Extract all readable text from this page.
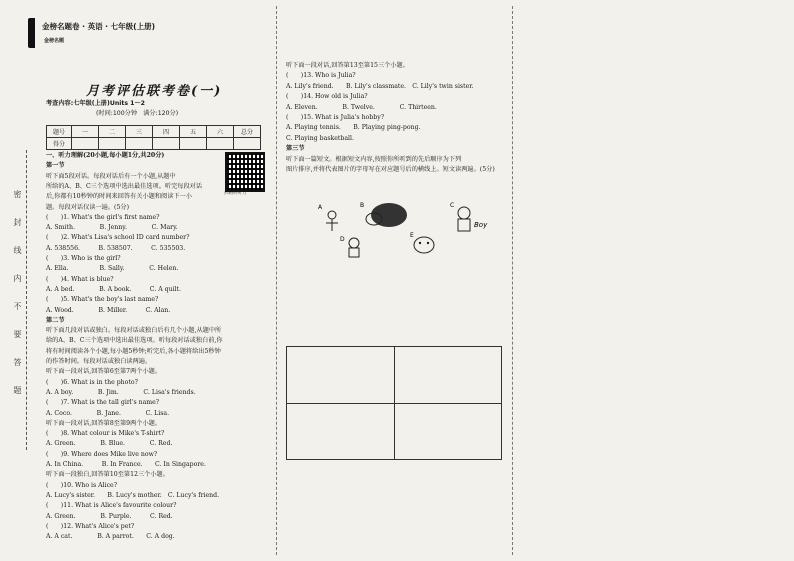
密　封　线　内　不　要　答　题
金榜名题卷 · 英语 · 七年级(上册)
金榜名题
月考评估联考卷(一)
考查内容:七年级(上册)Units 1～2
(时间:100分钟　满分:120分)
题号	一	二	三	四	五	六	总分
得分							
扫码听听力
一、听力理解(20小题,每小题1分,共20分)
第一节
听下面5段对话。每段对话后有一个小题,从题中
所给的A、B、C三个选项中选出最佳选项。听完每段对话
后,你都有10秒钟的时间来回答有关小题和阅读下一小
题。每段对话仅读一遍。(5分)
(　　)1. What's the girl's first name?
A. Smith.　　　　B. Jenny.　　　　C. Mary.
(　　)2. What's Lisa's school ID card number?
A. 538556.　　　B. 538507.　　　C. 535503.
(　　)3. Who is the girl?
A. Ella.　　　　　B. Sally.　　　　C. Helen.
(　　)4. What is blue?
A. A bed.　　　　B. A book.　　　C. A quilt.
(　　)5. What's the boy's last name?
A. Wood.　　　　B. Miller.　　　C. Alan.
第二节
听下面几段对话或独白。每段对话或独白后有几个小题,从题中所
给的A、B、C三个选项中选出最佳选项。听每段对话或独白前,你
将有时间阅读各个小题,每小题5秒钟;听完后,各小题将给出5秒钟
的作答时间。每段对话或独白读两遍。
听下面一段对话,回答第6至第7两个小题。
(　　)6. What is in the photo?
A. A boy.　　　　B. Jim.　　　　C. Lisa's friends.
(　　)7. What is the tall girl's name?
A. Coco.　　　　B. Jane.　　　　C. Lisa.
听下面一段对话,回答第8至第9两个小题。
(　　)8. What colour is Mike's T-shirt?
A. Green.　　　　B. Blue.　　　　C. Red.
(　　)9. Where does Mike live now?
A. In China.　　　B. In France.　　C. In Singapore.
听下面一段独白,回答第10至第12三个小题。
(　　)10. Who is Alice?
A. Lucy's sister.　　B. Lucy's mother.　C. Lucy's friend.
(　　)11. What is Alice's favourite colour?
A. Green.　　　　B. Purple.　　　C. Red.
(　　)12. What's Alice's pet?
A. A cat.　　　　B. A parrot.　　C. A dog.
听下面一段对话,回答第13至第15三个小题。
(　　)13. Who is Julia?
A. Lily's friend.　　B. Lily's classmate.　C. Lily's twin sister.
(　　)14. How old is Julia?
A. Eleven.　　　　B. Twelve.　　　　C. Thirteen.
(　　)15. What is Julia's hobby?
A. Playing tennis.　　B. Playing ping-pong.
C. Playing basketball.
第三节
听下面一篇短文。根据短文内容,按照你所听到的先后顺序为下列
图片排序,并将代表图片的字母写在对应题号后的横线上。短文读两遍。(5分)
A	B
Boy
C
D
E
